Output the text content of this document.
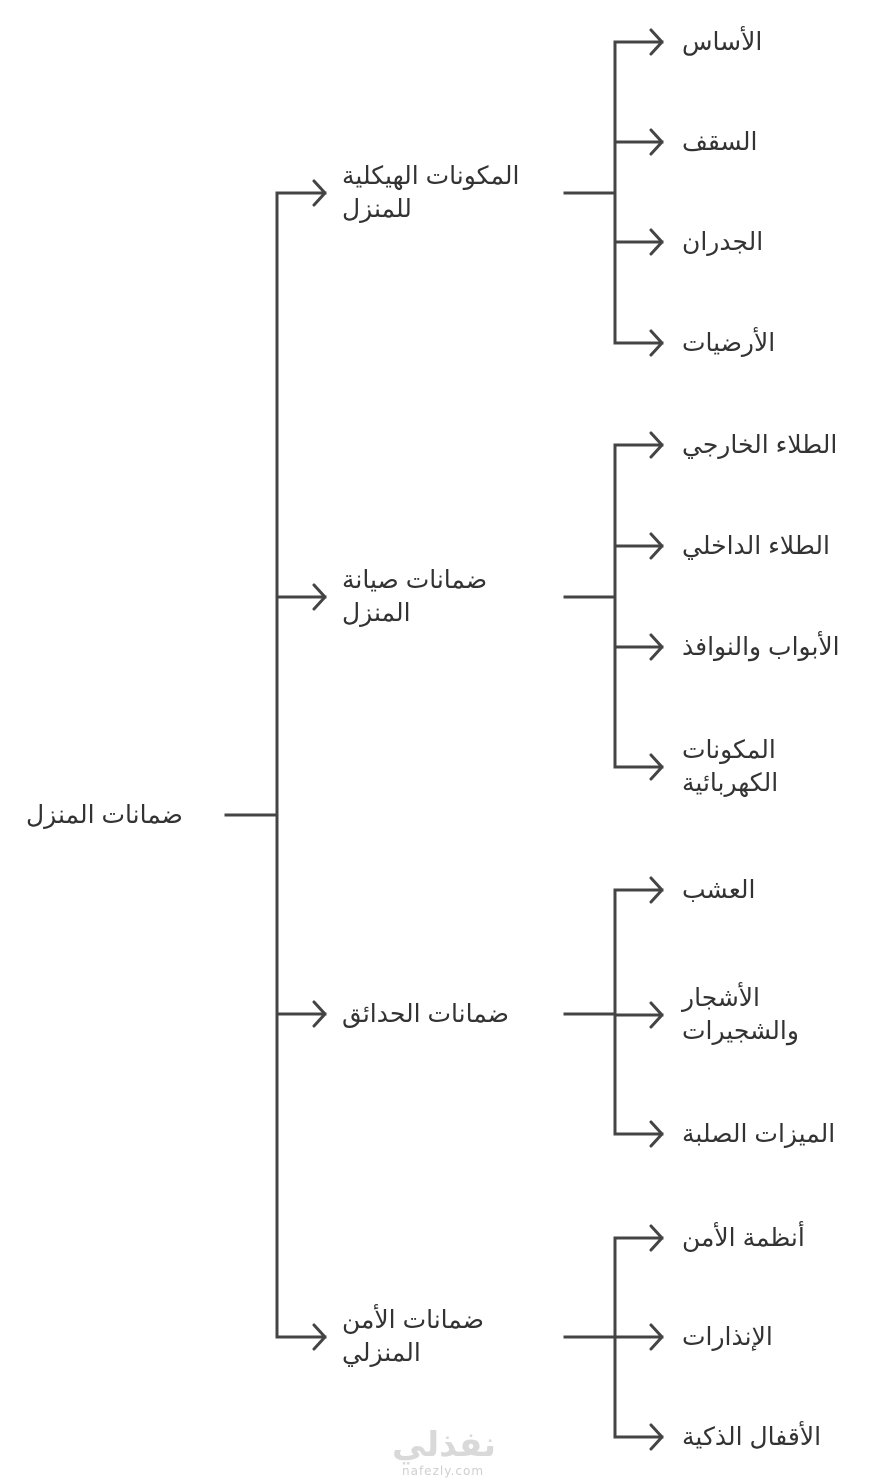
ضمانات المنزل
المكونات الهيكلية
للمنزل
الأساس
السقف
الجدران
الأرضيات
ضمانات صيانة
المنزل
الطلاء الخارجي
الطلاء الداخلي
الأبواب والنوافذ
المكونات
الكهربائية
ضمانات الحدائق
العشب
الأشجار
والشجيرات
الميزات الصلبة
ضمانات الأمن
المنزلي
أنظمة الأمن
الإنذارات
الأقفال الذكية
نفذلي
nafezly.com
